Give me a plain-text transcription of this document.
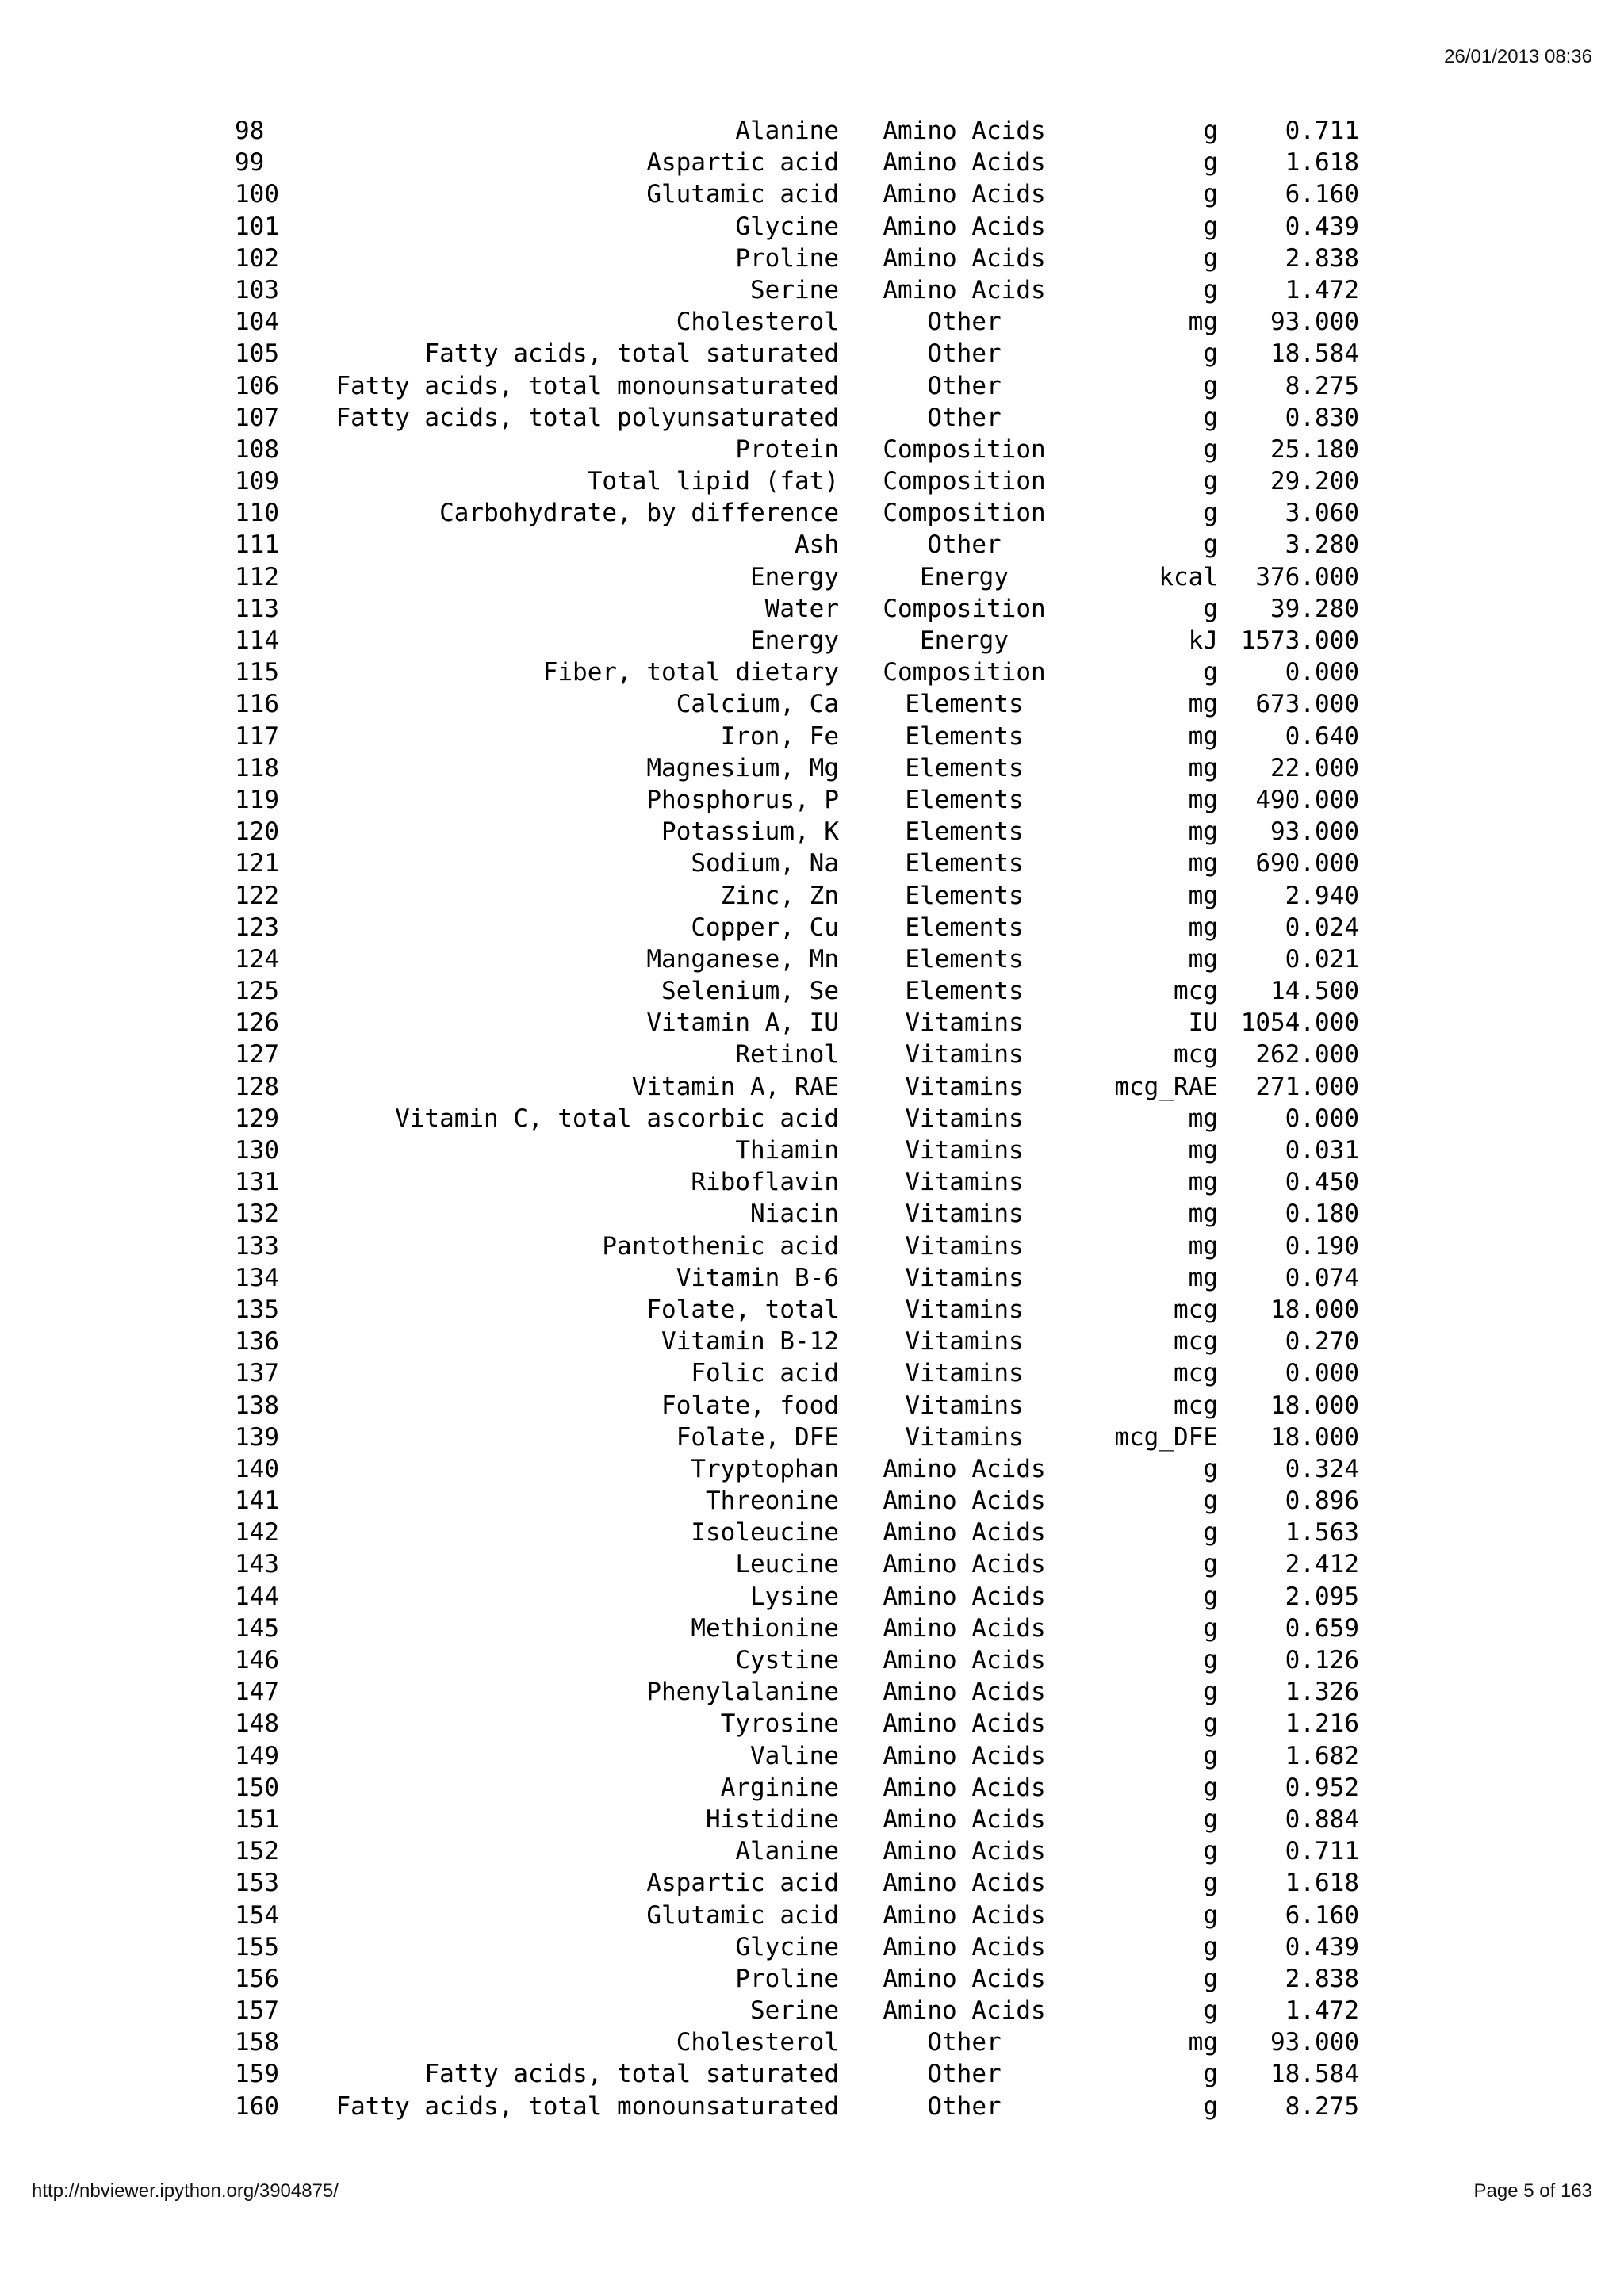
26/01/2013 08:36
98	Alanine	Amino Acids	g	0.711
99	Aspartic acid	Amino Acids	g	1.618
100	Glutamic acid	Amino Acids	g	6.160
101	Glycine	Amino Acids	g	0.439
102	Proline	Amino Acids	g	2.838
103	Serine	Amino Acids	g	1.472
104	Cholesterol	Other	mg	93.000
105	Fatty acids, total saturated	Other	g	18.584
106	Fatty acids, total monounsaturated	Other	g	8.275
107	Fatty acids, total polyunsaturated	Other	g	0.830
108	Protein	Composition	g	25.180
109	Total lipid (fat)	Composition	g	29.200
110	Carbohydrate, by difference	Composition	g	3.060
111	Ash	Other	g	3.280
112	Energy	Energy	kcal	376.000
113	Water	Composition	g	39.280
114	Energy	Energy	kJ 1573.000
115	Fiber, total dietary	Composition	g	0.000
116	Calcium, Ca	Elements	mg	673.000
117	Iron, Fe	Elements	mg	0.640
118	Magnesium, Mg	Elements	mg	22.000
119	Phosphorus, P	Elements	mg	490.000
120	Potassium, K	Elements	mg	93.000
121	Sodium, Na	Elements	mg	690.000
122	Zinc, Zn	Elements	mg	2.940
123	Copper, Cu	Elements	mg	0.024
124	Manganese, Mn	Elements	mg	0.021
125	Selenium, Se	Elements	mcg	14.500
126	Vitamin A, IU	Vitamins	IU 1054.000
127	Retinol	Vitamins	mcg	262.000
128	Vitamin A, RAE	Vitamins	mcg_RAE	271.000
129	Vitamin C, total ascorbic acid	Vitamins	mg	0.000
130	Thiamin	Vitamins	mg	0.031
131	Riboflavin	Vitamins	mg	0.450
132	Niacin	Vitamins	mg	0.180
133	Pantothenic acid	Vitamins	mg	0.190
134	Vitamin B-6	Vitamins	mg	0.074
135	Folate, total	Vitamins	mcg	18.000
136	Vitamin B-12	Vitamins	mcg	0.270
137	Folic acid	Vitamins	mcg	0.000
138	Folate, food	Vitamins	mcg	18.000
139	Folate, DFE	Vitamins	mcg_DFE	18.000
140	Tryptophan	Amino Acids	g	0.324
141	Threonine	Amino Acids	g	0.896
142	Isoleucine	Amino Acids	g	1.563
143	Leucine	Amino Acids	g	2.412
144	Lysine	Amino Acids	g	2.095
145	Methionine	Amino Acids	g	0.659
146	Cystine	Amino Acids	g	0.126
147	Phenylalanine	Amino Acids	g	1.326
148	Tyrosine	Amino Acids	g	1.216
149	Valine	Amino Acids	g	1.682
150	Arginine	Amino Acids	g	0.952
151	Histidine	Amino Acids	g	0.884
152	Alanine	Amino Acids	g	0.711
153	Aspartic acid	Amino Acids	g	1.618
154	Glutamic acid	Amino Acids	g	6.160
155	Glycine	Amino Acids	g	0.439
156	Proline	Amino Acids	g	2.838
157	Serine	Amino Acids	g	1.472
158	Cholesterol	Other	mg	93.000
159	Fatty acids, total saturated	Other	g	18.584
160	Fatty acids, total monounsaturated	Other	g	8.275
http://nbviewer.ipython.org/3904875/	Page 5 of 163
